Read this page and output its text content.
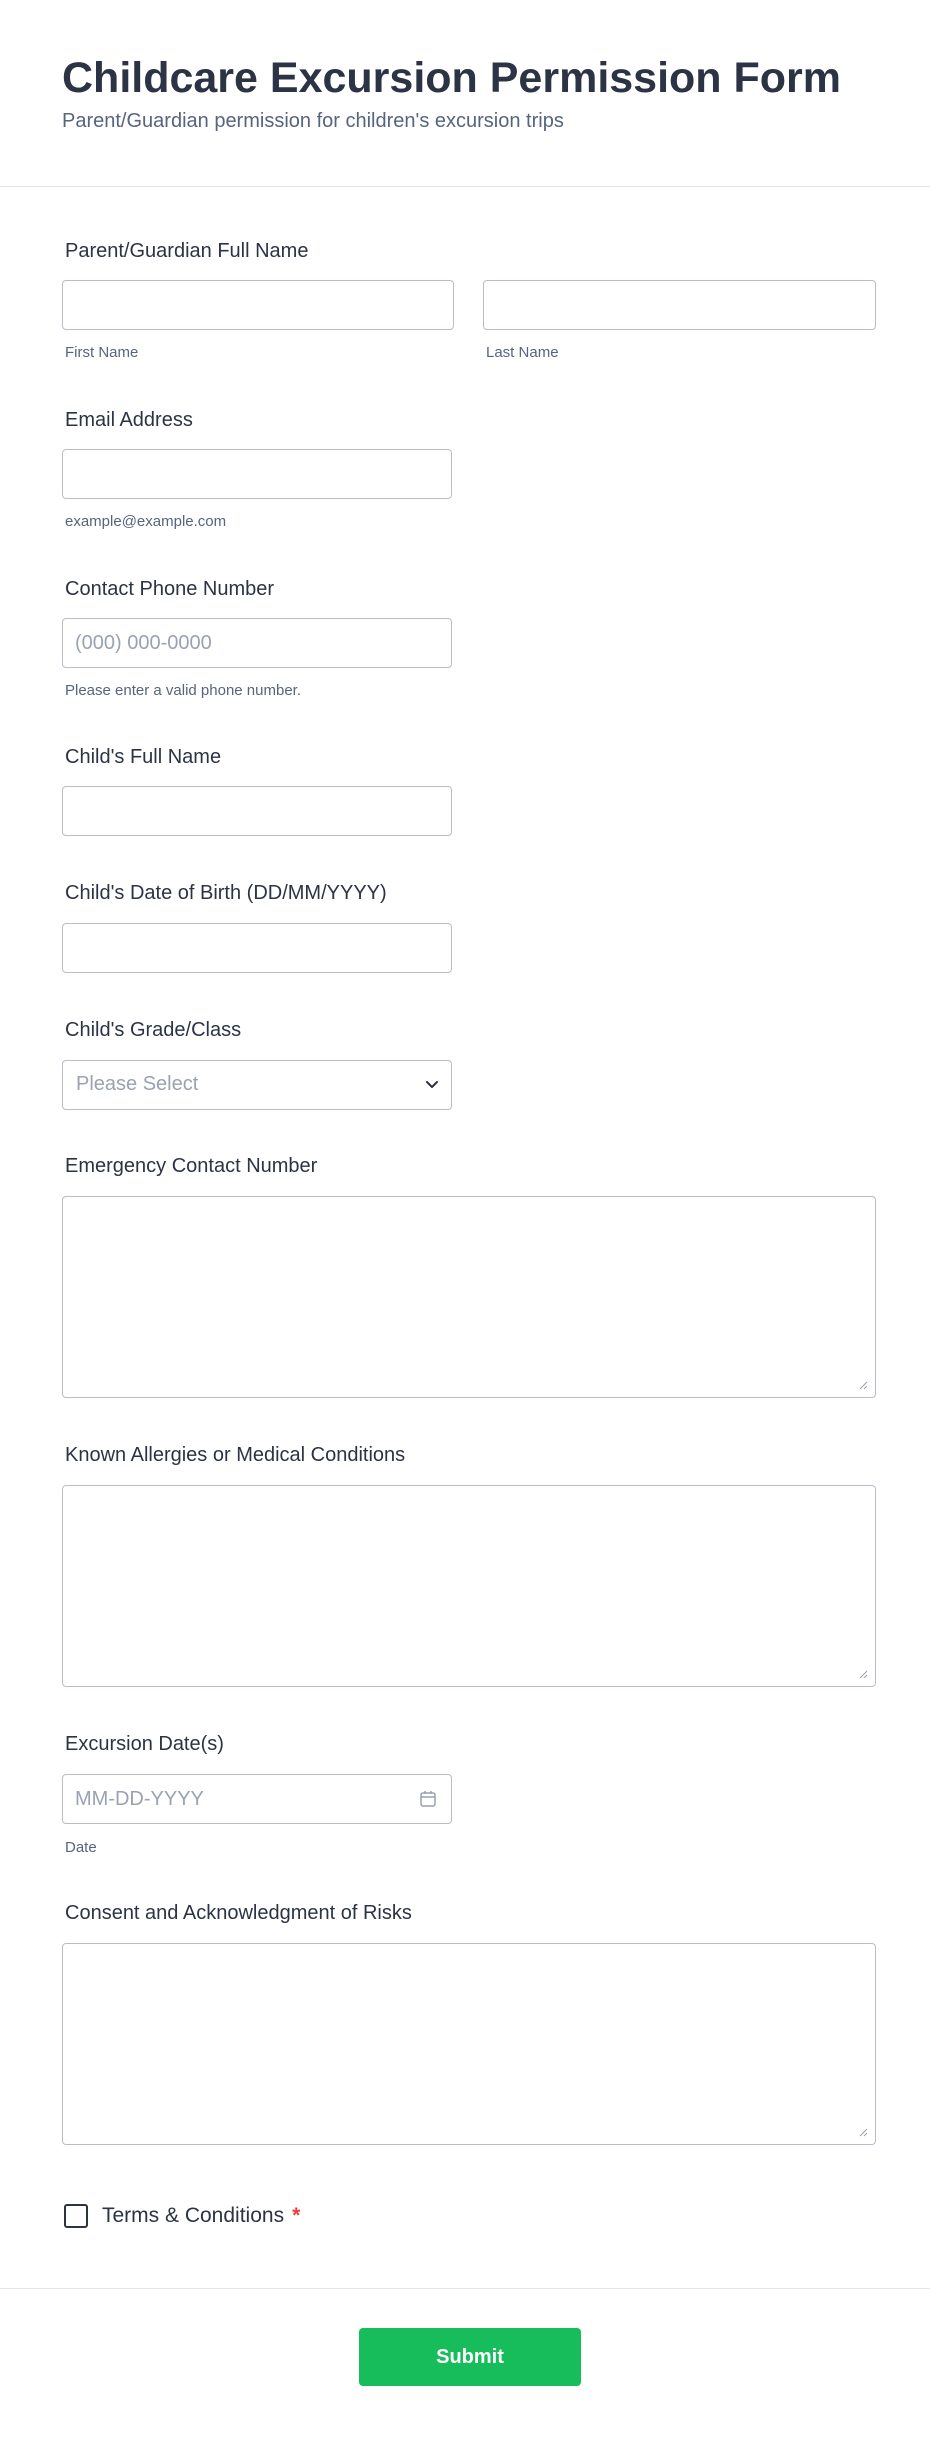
Childcare Excursion Permission Form

Parent/Guardian permission for children's excursion trips

Parent/Guardian Full Name
First Name	Last Name
Email Address
example@example.com
Contact Phone Number
(000) 000-0000
Please enter a valid phone number.
Child's Full Name
Child's Date of Birth (DD/MM/YYYY)
Child's Grade/Class
Please Select
Emergency Contact Number
Known Allergies or Medical Conditions
Excursion Date(s)
MM-DD-YYYY
Date
Consent and Acknowledgment of Risks
Terms & Conditions *
Submit
